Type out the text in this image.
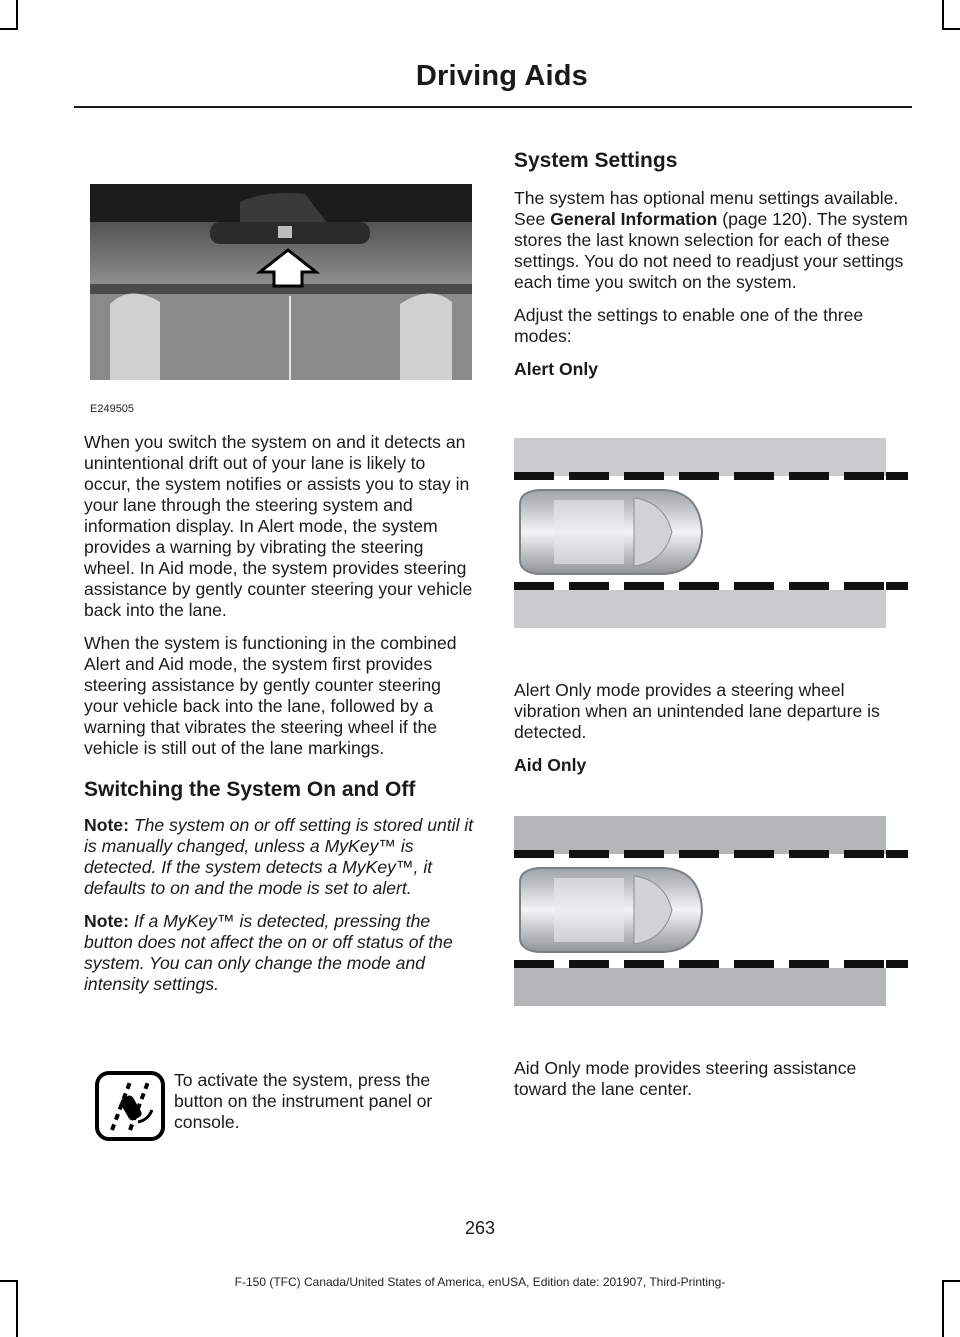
Driving Aids
E249505

When you switch the system on and it detects an unintentional drift out of your lane is likely to occur, the system notifies or assists you to stay in your lane through the steering system and information display. In Alert mode, the system provides a warning by vibrating the steering wheel. In Aid mode, the system provides steering assistance by gently counter steering your vehicle back into the lane.

When the system is functioning in the combined Alert and Aid mode, the system first provides steering assistance by gently counter steering your vehicle back into the lane, followed by a warning that vibrates the steering wheel if the vehicle is still out of the lane markings.

Switching the System On and Off

Note: The system on or off setting is stored until it is manually changed, unless a MyKey™ is detected. If the system detects a MyKey™, it defaults to on and the mode is set to alert.

Note: If a MyKey™ is detected, pressing the button does not affect the on or off status of the system. You can only change the mode and intensity settings.

To activate the system, press the button on the instrument panel or console.

System Settings

The system has optional menu settings available. See General Information (page 120). The system stores the last known selection for each of these settings. You do not need to readjust your settings each time you switch on the system.

Adjust the settings to enable one of the three modes:

Alert Only

Alert Only mode provides a steering wheel vibration when an unintended lane departure is detected.

Aid Only

Aid Only mode provides steering assistance toward the lane center.

263
F-150 (TFC) Canada/United States of America, enUSA, Edition date: 201907, Third-Printing-
